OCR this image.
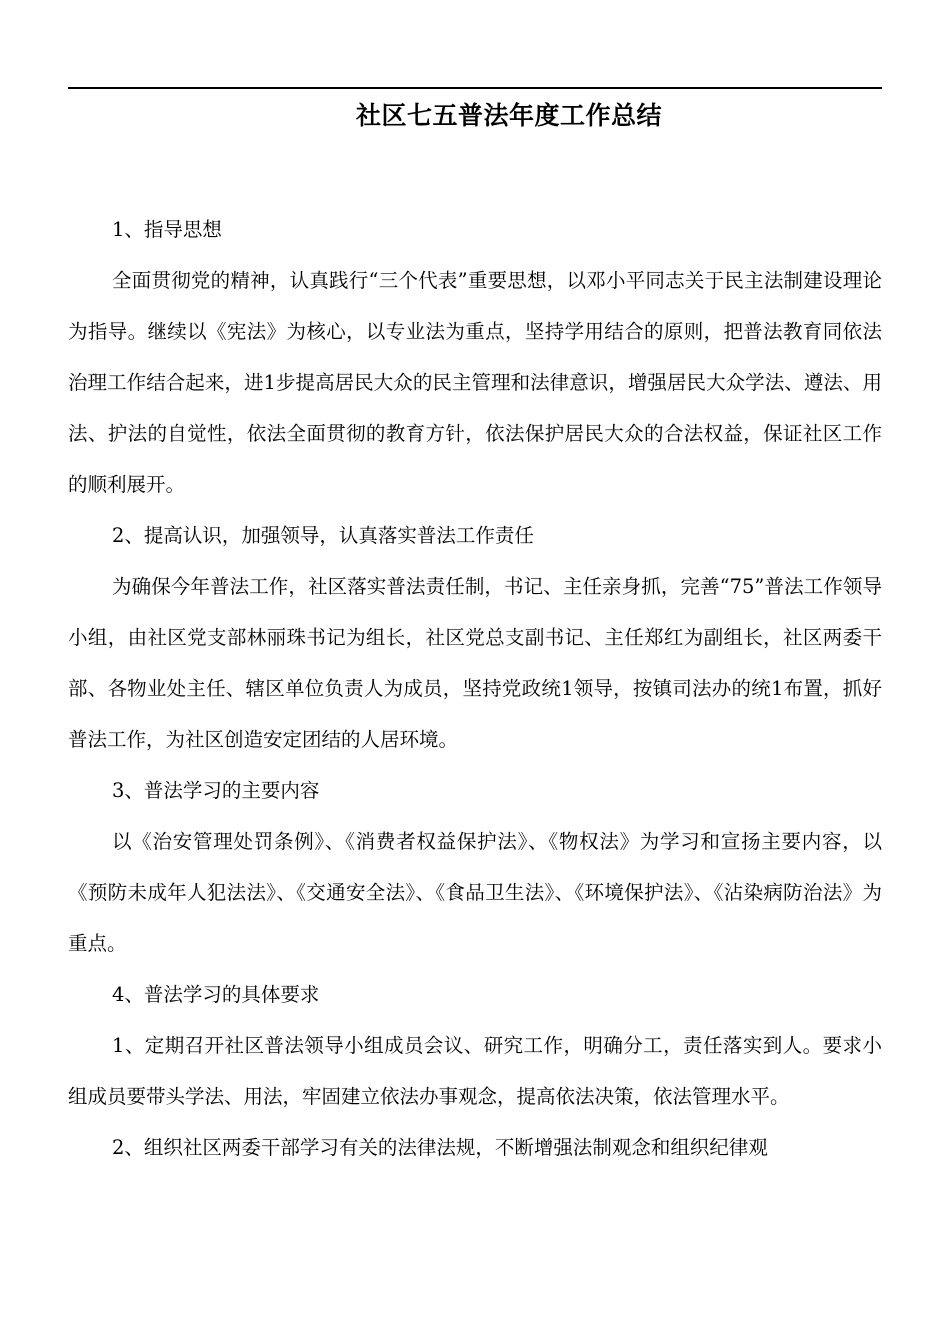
社区七五普法年度工作总结

1、指导思想

全面贯彻党的精神，认真践行“三个代表”重要思想，以邓小平同志关于民主法制建设理论为指导。继续以《宪法》为核心，以专业法为重点，坚持学用结合的原则，把普法教育同依法治理工作结合起来，进1步提高居民大众的民主管理和法律意识，增强居民大众学法、遵法、用法、护法的自觉性，依法全面贯彻的教育方针，依法保护居民大众的合法权益，保证社区工作的顺利展开。

2、提高认识，加强领导，认真落实普法工作责任

为确保今年普法工作，社区落实普法责任制，书记、主任亲身抓，完善“75”普法工作领导小组，由社区党支部林丽珠书记为组长，社区党总支副书记、主任郑红为副组长，社区两委干部、各物业处主任、辖区单位负责人为成员，坚持党政统1领导，按镇司法办的统1布置，抓好普法工作，为社区创造安定团结的人居环境。

3、普法学习的主要内容

以《治安管理处罚条例》、《消费者权益保护法》、《物权法》为学习和宣扬主要内容，以《预防未成年人犯法法》、《交通安全法》、《食品卫生法》、《环境保护法》、《沾染病防治法》为重点。

4、普法学习的具体要求

1、定期召开社区普法领导小组成员会议、研究工作，明确分工，责任落实到人。要求小组成员要带头学法、用法，牢固建立依法办事观念，提高依法决策，依法管理水平。

2、组织社区两委干部学习有关的法律法规，不断增强法制观念和组织纪律观
